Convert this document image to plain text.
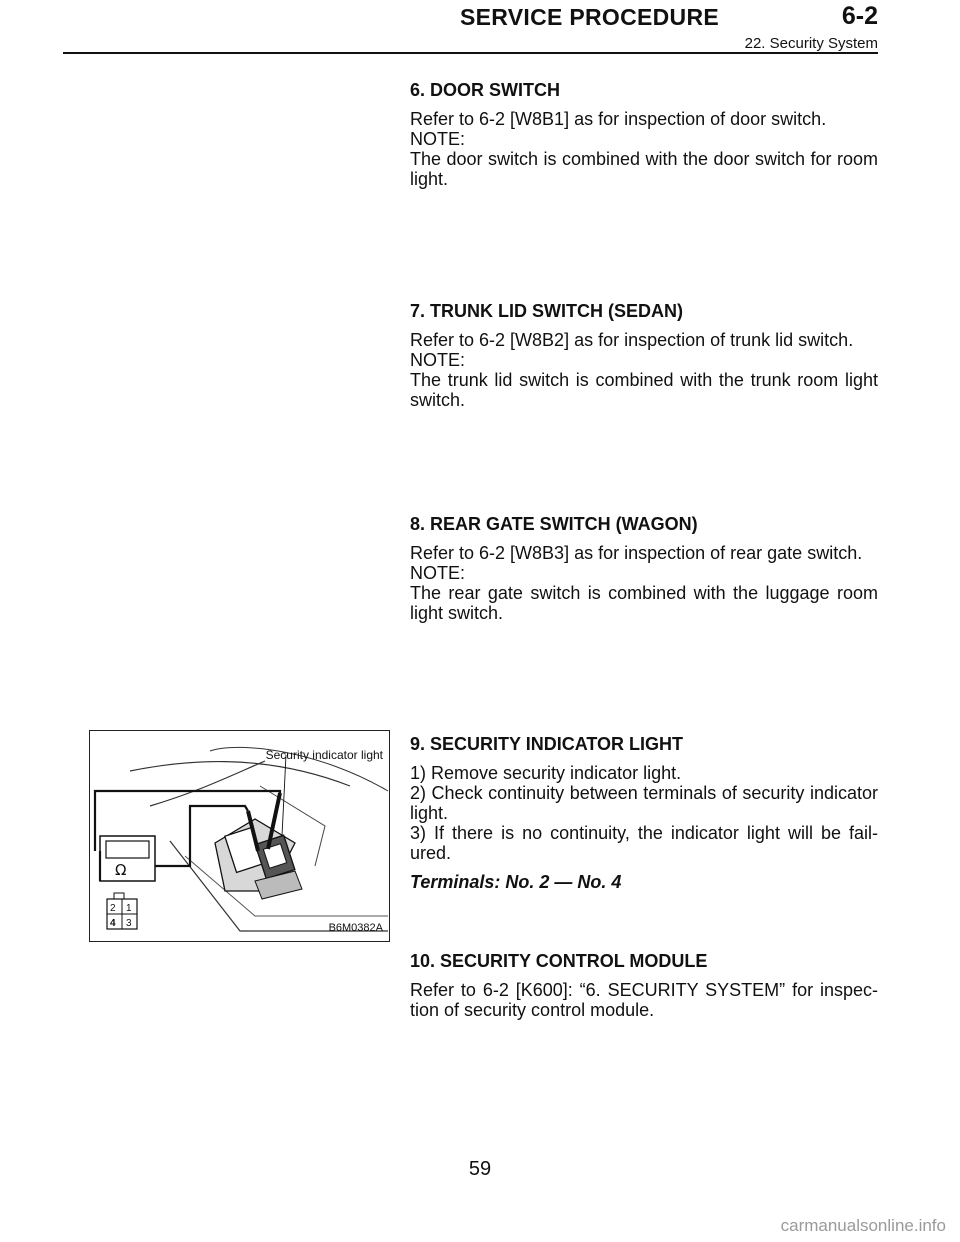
SERVICE PROCEDURE	6-2
22. Security System
6. DOOR SWITCH

Refer to 6-2 [W8B1] as for inspection of door switch.

NOTE:

The door switch is combined with the door switch for room light.

7. TRUNK LID SWITCH (SEDAN)

Refer to 6-2 [W8B2] as for inspection of trunk lid switch.

NOTE:

The trunk lid switch is combined with the trunk room light switch.

8. REAR GATE SWITCH (WAGON)

Refer to 6-2 [W8B3] as for inspection of rear gate switch.

NOTE:

The rear gate switch is combined with the luggage room light switch.

9. SECURITY INDICATOR LIGHT

1) Remove security indicator light.

2) Check continuity between terminals of security indicator light.

3) If there is no continuity, the indicator light will be fail-ured.

Terminals: No. 2 — No. 4

10. SECURITY CONTROL MODULE

Refer to 6-2 [K600]: “6. SECURITY SYSTEM” for inspec-tion of security control module.

Ω
2 1
4 3
Security indicator light
B6M0382A
59
carmanualsonline.info
